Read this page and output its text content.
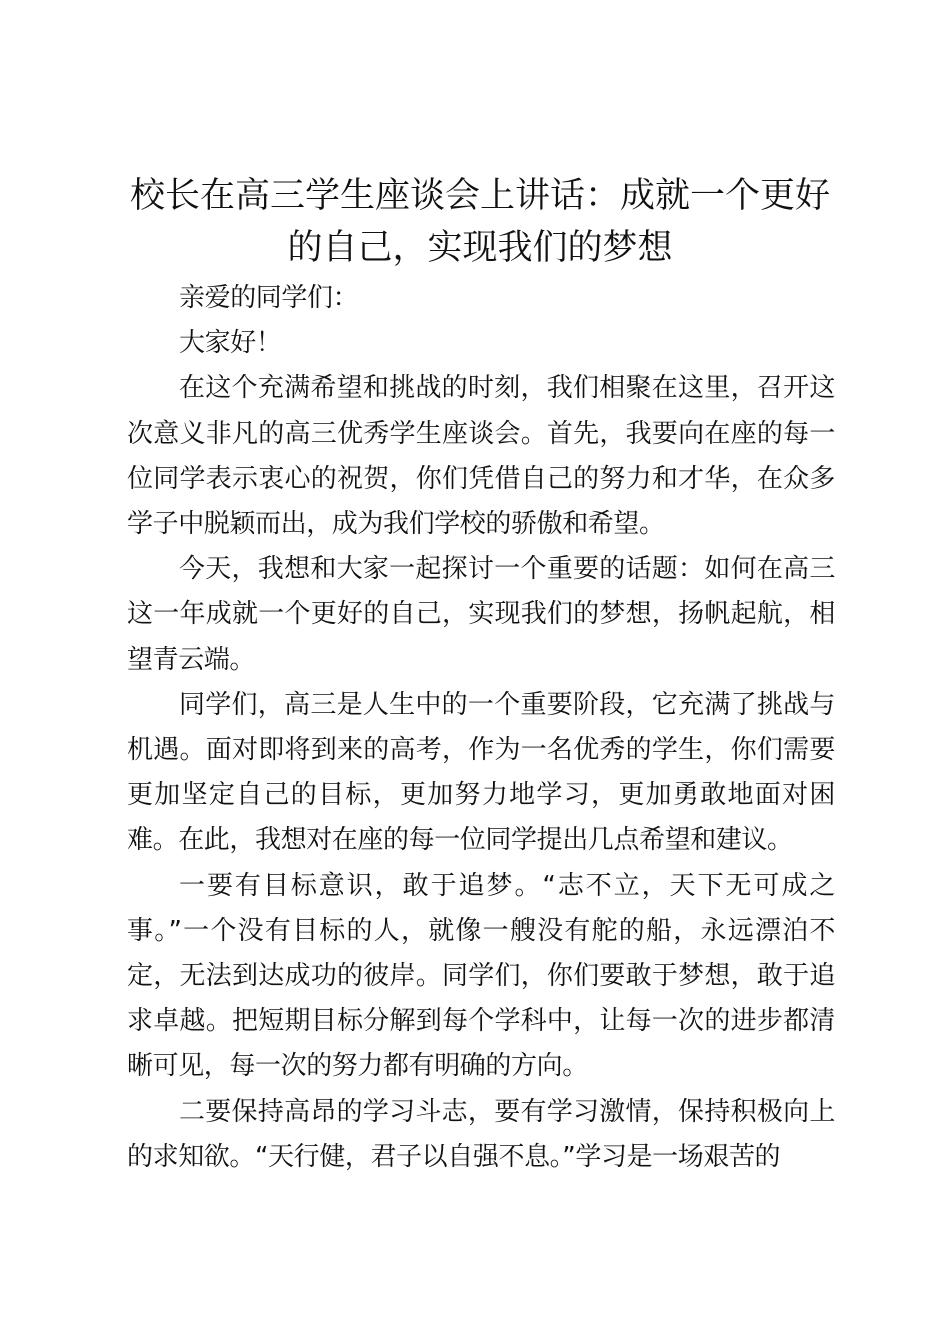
校长在高三学生座谈会上讲话：成就一个更好的自己，实现我们的梦想

亲爱的同学们：

大家好！

在这个充满希望和挑战的时刻，我们相聚在这里，召开这次意义非凡的高三优秀学生座谈会。首先，我要向在座的每一位同学表示衷心的祝贺，你们凭借自己的努力和才华，在众多学子中脱颖而出，成为我们学校的骄傲和希望。

今天，我想和大家一起探讨一个重要的话题：如何在高三这一年成就一个更好的自己，实现我们的梦想，扬帆起航，相望青云端。

同学们，高三是人生中的一个重要阶段，它充满了挑战与机遇。面对即将到来的高考，作为一名优秀的学生，你们需要更加坚定自己的目标，更加努力地学习，更加勇敢地面对困难。在此，我想对在座的每一位同学提出几点希望和建议。

一要有目标意识，敢于追梦。“志不立，天下无可成之事。”一个没有目标的人，就像一艘没有舵的船，永远漂泊不定，无法到达成功的彼岸。同学们，你们要敢于梦想，敢于追求卓越。把短期目标分解到每个学科中，让每一次的进步都清晰可见，每一次的努力都有明确的方向。

二要保持高昂的学习斗志，要有学习激情，保持积极向上的求知欲。“天行健，君子以自强不息。”学习是一场艰苦的
